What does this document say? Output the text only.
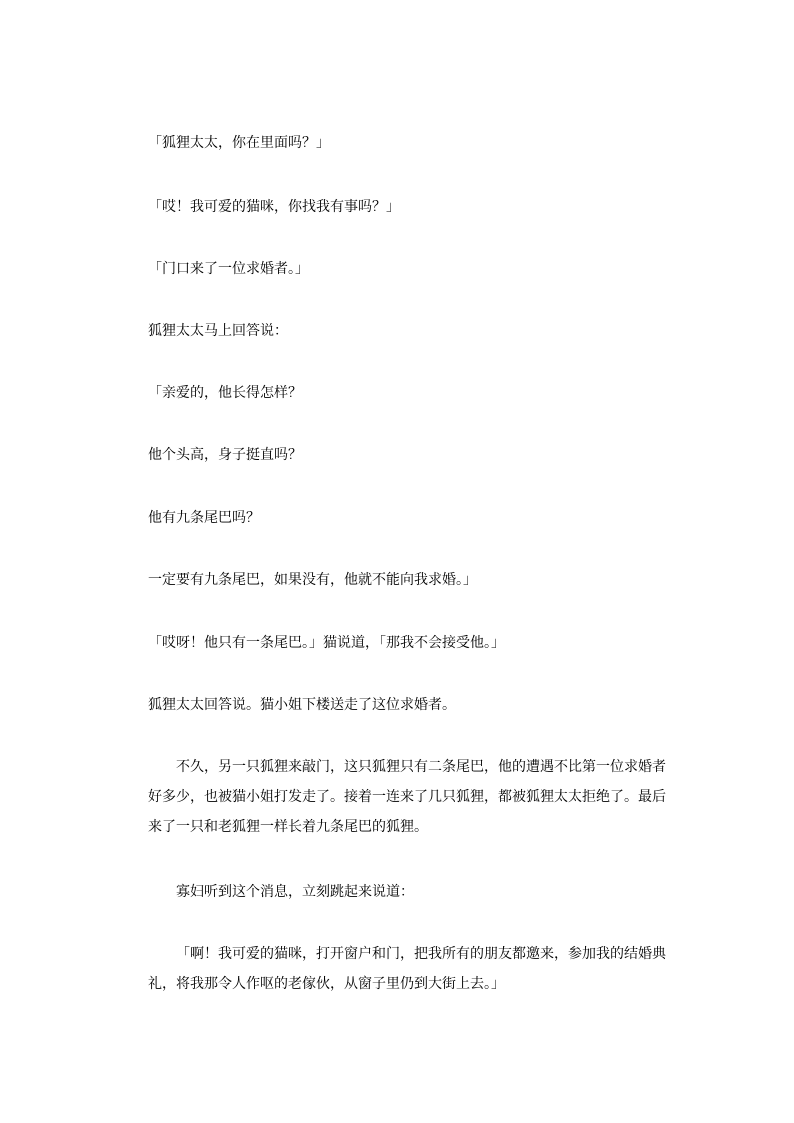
「狐狸太太，你在里面吗？」

「哎！我可爱的猫咪，你找我有事吗？」

「门口来了一位求婚者。」

狐狸太太马上回答说：

「亲爱的，他长得怎样？

他个头高，身子挺直吗？

他有九条尾巴吗？

一定要有九条尾巴，如果没有，他就不能向我求婚。」

「哎呀！他只有一条尾巴。」猫说道，「那我不会接受他。」

狐狸太太回答说。猫小姐下楼送走了这位求婚者。

不久，另一只狐狸来敲门，这只狐狸只有二条尾巴，他的遭遇不比第一位求婚者好多少，也被猫小姐打发走了。接着一连来了几只狐狸，都被狐狸太太拒绝了。最后来了一只和老狐狸一样长着九条尾巴的狐狸。

寡妇听到这个消息，立刻跳起来说道：

「啊！我可爱的猫咪，打开窗户和门，把我所有的朋友都邀来，参加我的结婚典礼，将我那令人作呕的老傢伙，从窗子里仍到大街上去。」
